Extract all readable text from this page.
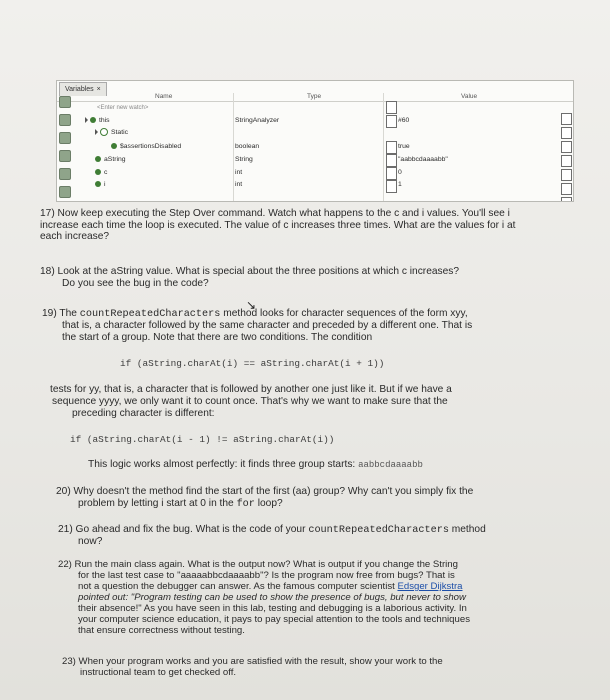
Variables ×
Name	Type	Value
<Enter new watch>
this	StringAnalyzer	#60
Static
$assertionsDisabled	boolean	true
aString	String	"aabbcdaaaabb"
c	int	0
i	int	1
17) Now keep executing the Step Over command. Watch what happens to the c and i values. You'll see i increase each time the loop is executed. The value of c increases three times. What are the values for i at each increase?
18) Look at the aString value. What is special about the three positions at which c increases?
Do you see the bug in the code?
19) The countRepeatedCharacters method looks for character sequences of the form xyy,
↘
that is, a character followed by the same character and preceded by a different one. That is
the start of a group. Note that there are two conditions. The condition
if (aString.charAt(i) == aString.charAt(i + 1))
tests for yy, that is, a character that is followed by another one just like it. But if we have a
sequence yyyy, we only want it to count once. That's why we want to make sure that the
preceding character is different:
if (aString.charAt(i - 1) != aString.charAt(i))
This logic works almost perfectly: it finds three group starts: aabbcdaaaabb
20) Why doesn't the method find the start of the first (aa) group? Why can't you simply fix the
problem by letting i start at 0 in the for loop?
21) Go ahead and fix the bug. What is the code of your countRepeatedCharacters method
now?
22) Run the main class again. What is the output now? What is output if you change the String
for the last test case to "aaaaabbcdaaaabb"? Is the program now free from bugs? That is
not a question the debugger can answer. As the famous computer scientist Edsger Dijkstra
pointed out: "Program testing can be used to show the presence of bugs, but never to show
their absence!" As you have seen in this lab, testing and debugging is a laborious activity. In
your computer science education, it pays to pay special attention to the tools and techniques
that ensure correctness without testing.
23) When your program works and you are satisfied with the result, show your work to the
instructional team to get checked off.
